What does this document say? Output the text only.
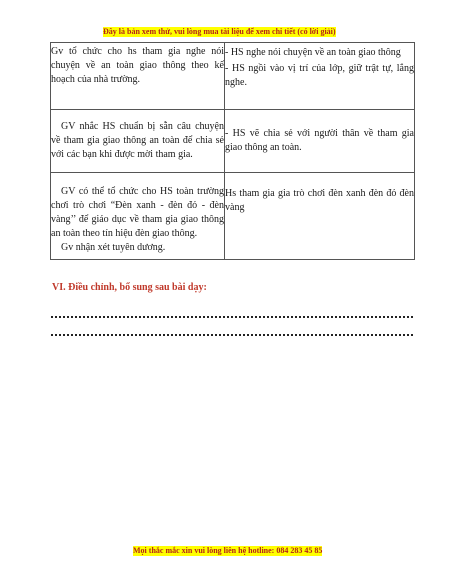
Đây là bản xem thử, vui lòng mua tài liệu để xem chi tiết (có lời giải)

Gv tổ chức cho hs tham gia nghe nói chuyện về an toàn giao thông theo kế hoạch của nhà trường.	- HS nghe nói chuyện về an toàn giao thông

- HS ngồi vào vị trí của lớp, giữ trật tự, lắng nghe.

GV nhắc HS chuẩn bị sẵn câu chuyện về tham gia giao thông an toàn để chia sẻ với các bạn khi được mời tham gia.	- HS vẽ chia sẻ với người thân về tham gia giao thông an toàn.

GV có thể tổ chức cho HS toàn trường chơi trò chơi “Đèn xanh - đèn đỏ - đèn vàng’’ để giáo dục về tham gia giao thông an toàn theo tín hiệu đèn giao thông.

Gv nhận xét tuyên dương.	Hs tham gia gia trò chơi đèn xanh đèn đỏ đèn vàng

VI. Điều chỉnh, bổ sung sau bài dạy:
Mọi thắc mắc xin vui lòng liên hệ hotline: 084 283 45 85
